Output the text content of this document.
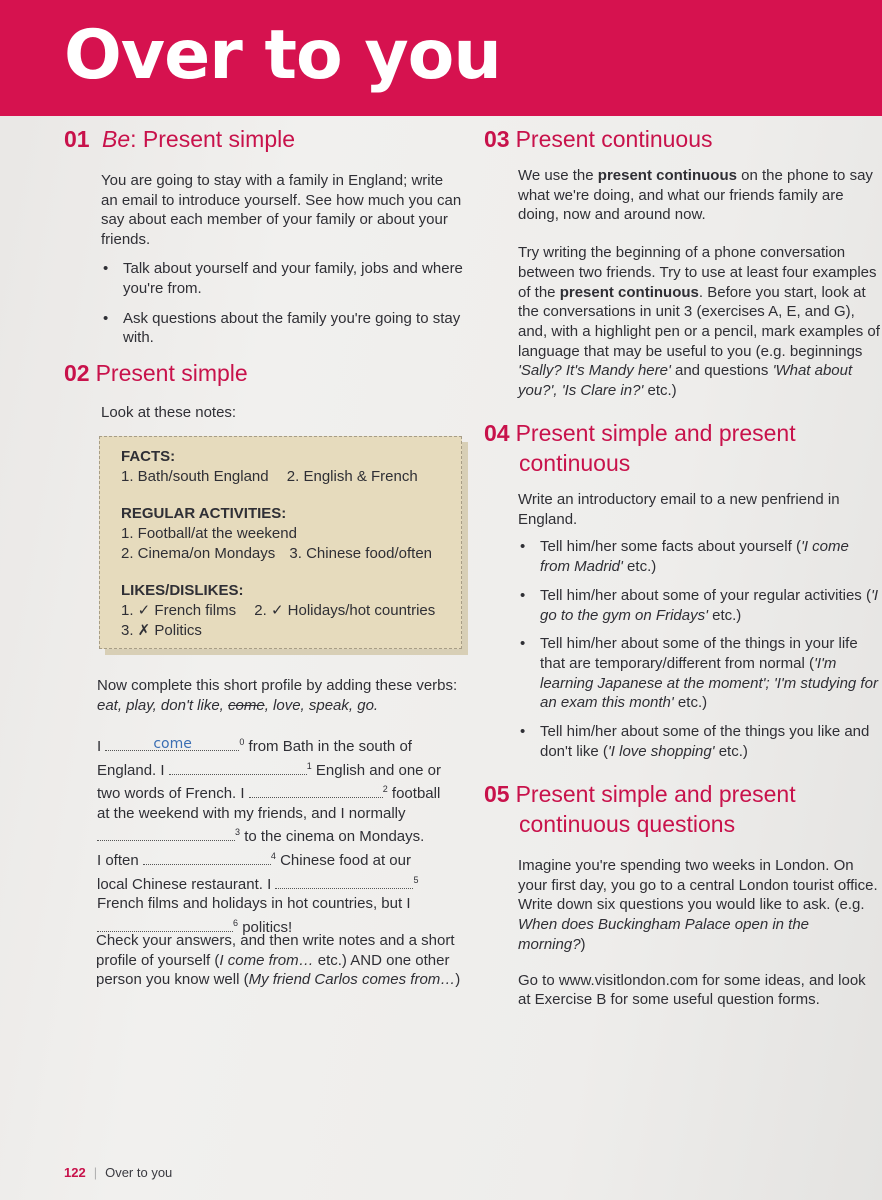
Over to you
01 Be: Present simple

You are going to stay with a family in England; write an email to introduce yourself. See how much you can say about each member of your family or about your friends.

• Talk about yourself and your family, jobs and where you're from.
• Ask questions about the family you're going to stay with.
02 Present simple

Look at these notes:

FACTS:
1. Bath/south England 2. English & French
REGULAR ACTIVITIES:
1. Football/at the weekend
2. Cinema/on Mondays 3. Chinese food/often
LIKES/DISLIKES:
1. ✓ French films 2. ✓ Holidays/hot countries
3. ✗ Politics

Now complete this short profile by adding these verbs: eat, play, don't like, come, love, speak, go.

I	come	$^0$ from Bath in the south of
England. I	$^1$ English and one or
two words of French. I	$^2$ football
at the weekend with my friends, and I normally
$^3$ to the cinema on Mondays.
I often	$^4$ Chinese food at our
local Chinese restaurant. I	$^5$
French films and holidays in hot countries, but I
$^6$ politics!

Check your answers, and then write notes and a short profile of yourself (I come from… etc.) AND one other person you know well (My friend Carlos comes from…)

03 Present continuous

We use the present continuous on the phone to say what we're doing, and what our friends family are doing, now and around now.

Try writing the beginning of a phone conversation between two friends. Try to use at least four examples of the present continuous. Before you start, look at the conversations in unit 3 (exercises A, E, and G), and, with a highlight pen or a pencil, mark examples of language that may be useful to you (e.g. beginnings 'Sally? It's Mandy here' and questions 'What about you?', 'Is Clare in?' etc.)

04 Present simple and present
continuous

Write an introductory email to a new penfriend in England.

• Tell him/her some facts about yourself ('I come from Madrid' etc.)
• Tell him/her about some of your regular activities ('I go to the gym on Fridays' etc.)
• Tell him/her about some of the things in your life that are temporary/different from normal ('I'm learning Japanese at the moment'; 'I'm studying for an exam this month' etc.)
• Tell him/her about some of the things you like and don't like ('I love shopping' etc.)
05 Present simple and present
continuous questions

Imagine you're spending two weeks in London. On your first day, you go to a central London tourist office. Write down six questions you would like to ask. (e.g. When does Buckingham Palace open in the morning?)

Go to www.visitlondon.com for some ideas, and look at Exercise B for some useful question forms.

122 | Over to you
